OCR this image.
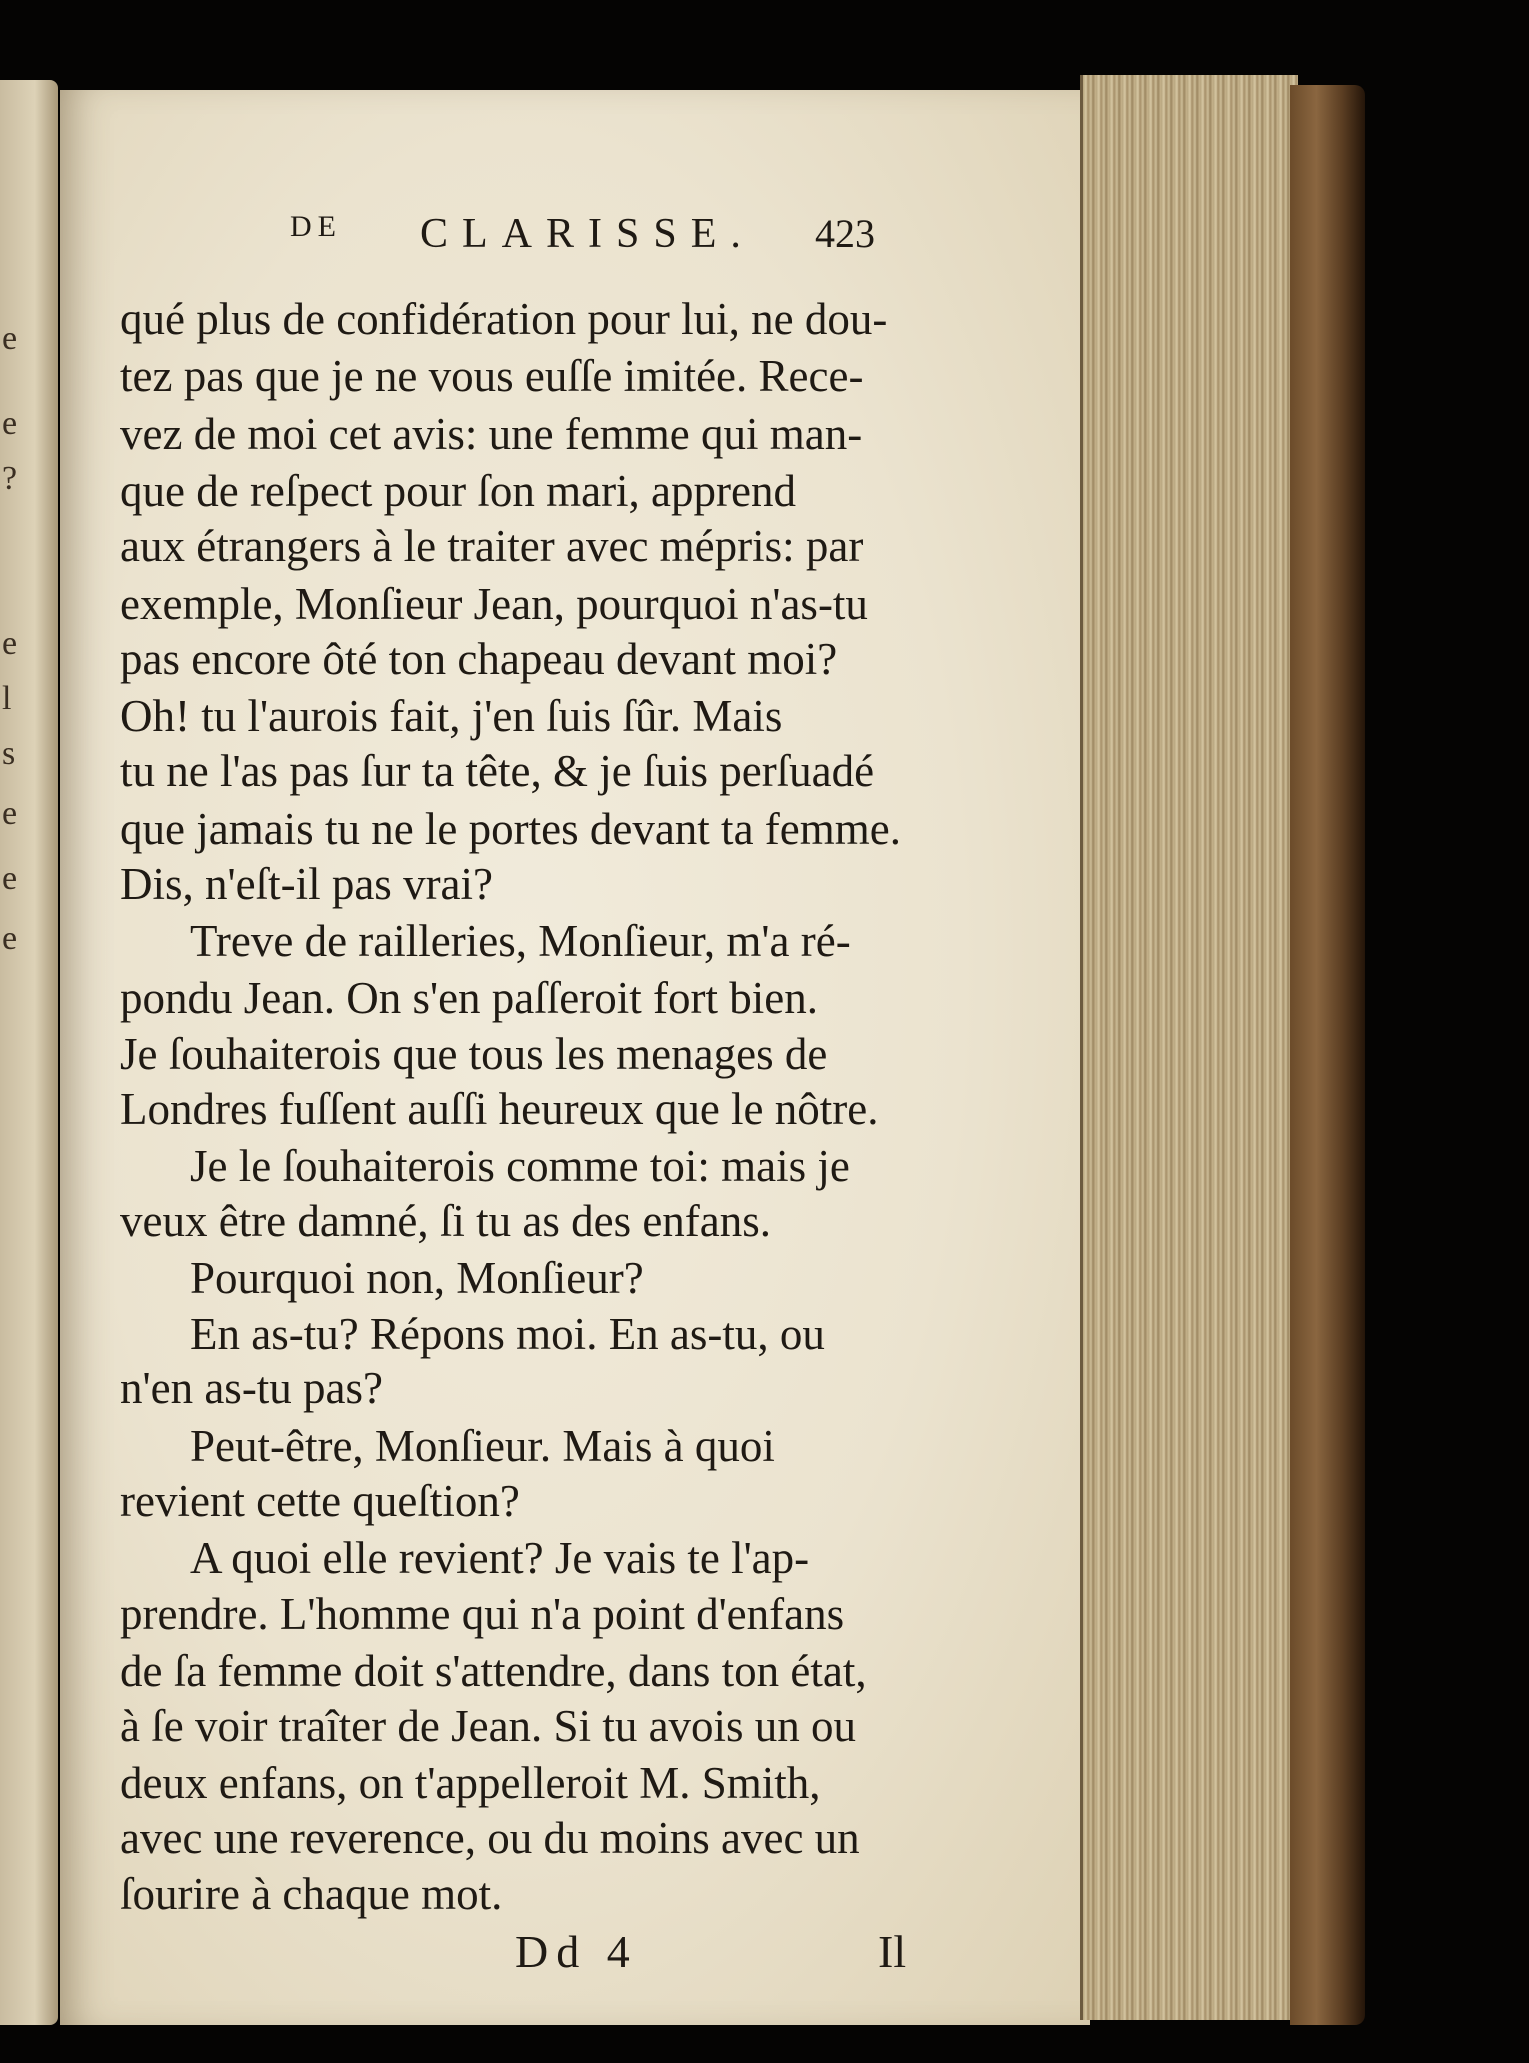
e
e
?
e
l
s
e
e
e
DE CLARISSE. 423
qué plus de confidération pour lui, ne dou-
tez pas que je ne vous euſſe imitée. Rece-
vez de moi cet avis: une femme qui man-
que de reſpect pour ſon mari, apprend
aux étrangers à le traiter avec mépris: par
exemple, Monſieur Jean, pourquoi n'as-tu
pas encore ôté ton chapeau devant moi?
Oh! tu l'aurois fait, j'en ſuis ſûr. Mais
tu ne l'as pas ſur ta tête, & je ſuis perſuadé
que jamais tu ne le portes devant ta femme.
Dis, n'eſt-il pas vrai?
Treve de railleries, Monſieur, m'a ré-
pondu Jean. On s'en paſſeroit fort bien.
Je ſouhaiterois que tous les menages de
Londres fuſſent auſſi heureux que le nôtre.
Je le ſouhaiterois comme toi: mais je
veux être damné, ſi tu as des enfans.
Pourquoi non, Monſieur?
En as-tu? Répons moi. En as-tu, ou
n'en as-tu pas?
Peut-être, Monſieur. Mais à quoi
revient cette queſtion?
A quoi elle revient? Je vais te l'ap-
prendre. L'homme qui n'a point d'enfans
de ſa femme doit s'attendre, dans ton état,
à ſe voir traîter de Jean. Si tu avois un ou
deux enfans, on t'appelleroit M. Smith,
avec une reverence, ou du moins avec un
ſourire à chaque mot.
Dd 4	Il
